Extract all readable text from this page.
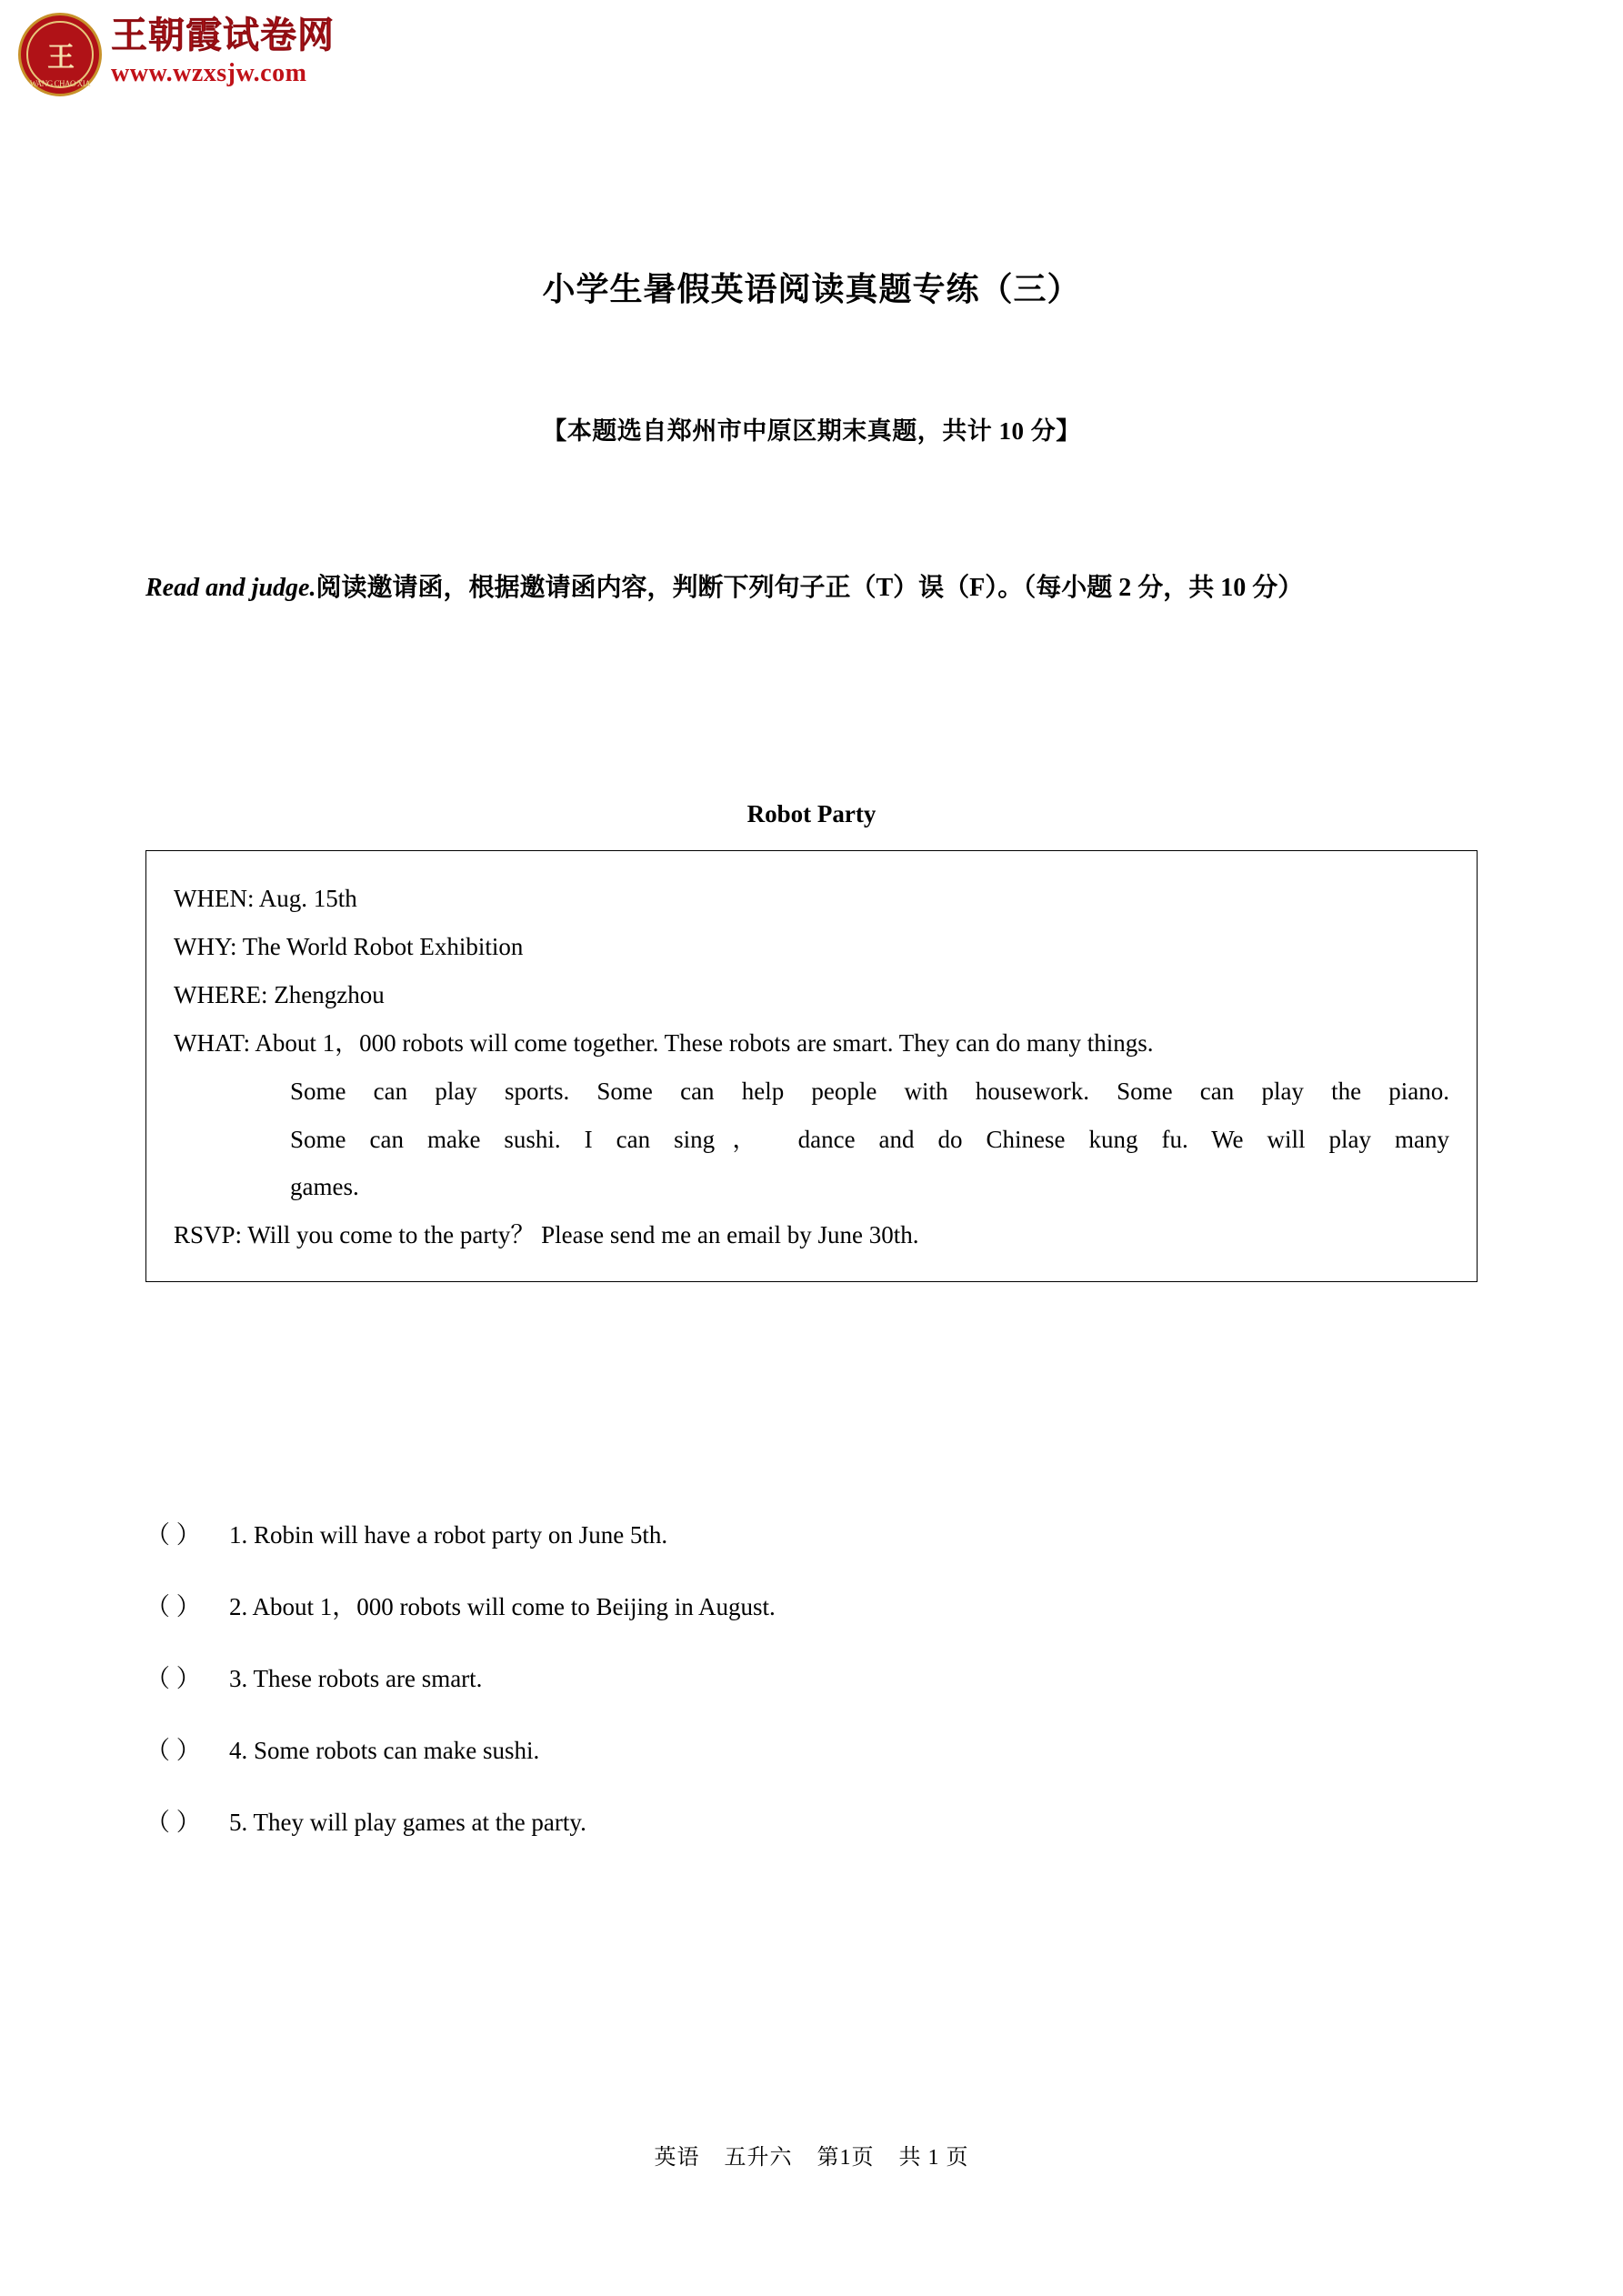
王
WANG CHAO XIA
王朝霞试卷网
www.wzxsjw.com
小学生暑假英语阅读真题专练（三）
【本题选自郑州市中原区期末真题，共计 10 分】
Read and judge.阅读邀请函，根据邀请函内容，判断下列句子正（T）误（F）。（每小题 2 分，共 10 分）
Robot Party
WHEN: Aug. 15th
WHY: The World Robot Exhibition
WHERE: Zhengzhou
WHAT: About 1，000 robots will come together. These robots are smart. They can do many things.
Some can play sports. Some can help people with housework. Some can play the piano.
Some can make sushi. I can sing， dance and do Chinese kung fu. We will play many
games.
RSVP: Will you come to the party？ Please send me an email by June 30th.
（ ） 1. Robin will have a robot party on June 5th.
（ ） 2. About 1，000 robots will come to Beijing in August.
（ ） 3. These robots are smart.
（ ） 4. Some robots can make sushi.
（ ） 5. They will play games at the party.
英语 五升六 第1页 共 1 页
